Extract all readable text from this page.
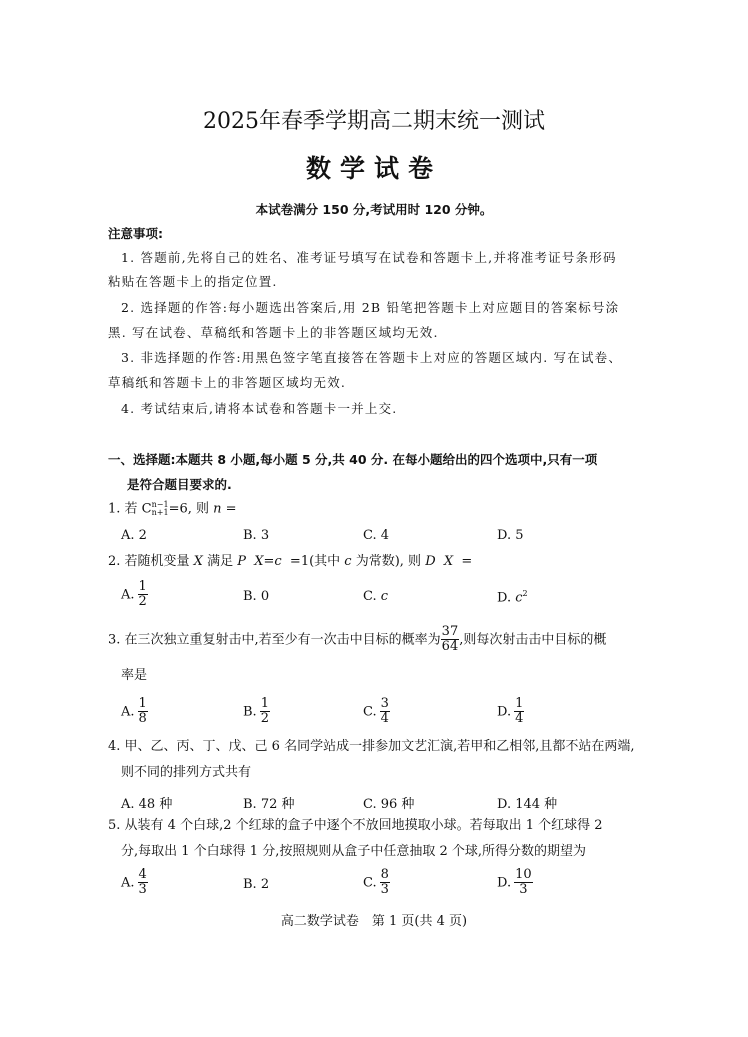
2025年春季学期高二期末统一测试
数学试卷
本试卷满分 150 分,考试用时 120 分钟。
注意事项:
1. 答题前,先将自己的姓名、准考证号填写在试卷和答题卡上,并将准考证号条形码
粘贴在答题卡上的指定位置.
2. 选择题的作答:每小题选出答案后,用 2B 铅笔把答题卡上对应题目的答案标号涂
黑. 写在试卷、草稿纸和答题卡上的非答题区域均无效.
3. 非选择题的作答:用黑色签字笔直接答在答题卡上对应的答题区域内. 写在试卷、
草稿纸和答题卡上的非答题区域均无效.
4. 考试结束后,请将本试卷和答题卡一并上交.
一、选择题:本题共 8 小题,每小题 5 分,共 40 分. 在每小题给出的四个选项中,只有一项
是符合题目要求的.
1. 若 C n−1
n+1 =6, 则 n =
A. 2	B. 3	C. 4	D. 5
2. 若随机变量 X 满足 P  X=c  =1(其中 c 为常数), 则 D  X  =
A. $\frac{1}{2}$	B. 0	C. c	D. $c^2$
3. 在三次独立重复射击中,若至少有一次击中目标的概率为 $\frac{37}{64}$ ,则每次射击击中目标的概
率是
A. $\frac{1}{8}$	B. $\frac{1}{2}$	C. $\frac{3}{4}$	D. $\frac{1}{4}$
4. 甲、乙、丙、丁、戊、己 6 名同学站成一排参加文艺汇演,若甲和乙相邻,且都不站在两端,
则不同的排列方式共有
A. 48 种	B. 72 种	C. 96 种	D. 144 种
5. 从装有 4 个白球,2 个红球的盒子中逐个不放回地摸取小球。若每取出 1 个红球得 2
分,每取出 1 个白球得 1 分,按照规则从盒子中任意抽取 2 个球,所得分数的期望为
A. $\frac{4}{3}$	B. 2	C. $\frac{8}{3}$	D. $\frac{10}{3}$
高二数学试卷　第 1 页(共 4 页)
